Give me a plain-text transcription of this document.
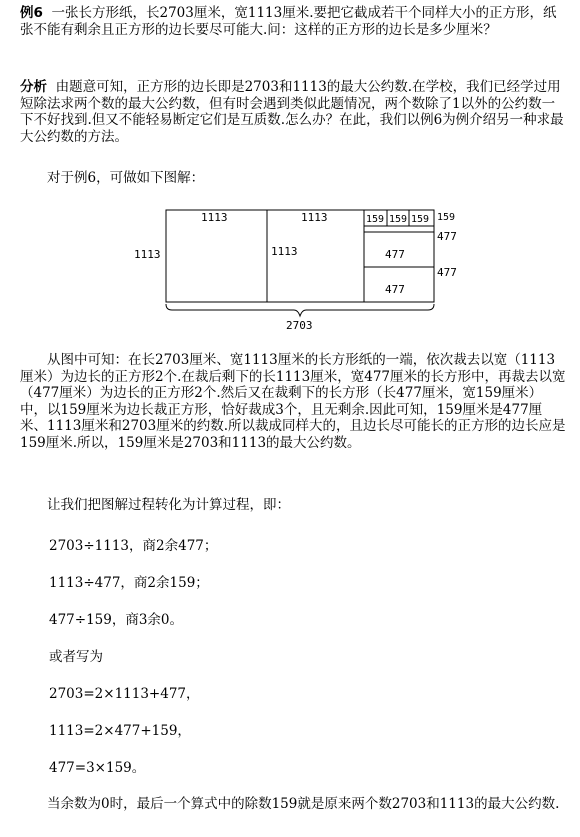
例6 一张长方形纸，长2703厘米，宽1113厘米.要把它截成若干个同样大小的正方形，纸张不能有剩余且正方形的边长要尽可能大.问：这样的正方形的边长是多少厘米？

分析 由题意可知，正方形的边长即是2703和1113的最大公约数.在学校，我们已经学过用短除法求两个数的最大公约数，但有时会遇到类似此题情况，两个数除了1以外的公约数一下不好找到.但又不能轻易断定它们是互质数.怎么办？在此，我们以例6为例介绍另一种求最大公约数的方法。

对于例6，可做如下图解：

1113	1113
1113	1113
159 159 159 159
477
477
477
477
2703

从图中可知：在长2703厘米、宽1113厘米的长方形纸的一端，依次裁去以宽（1113厘米）为边长的正方形2个.在裁后剩下的长1113厘米，宽477厘米的长方形中，再裁去以宽（477厘米）为边长的正方形2个.然后又在裁剩下的长方形（长477厘米，宽159厘米）中，以159厘米为边长裁正方形，恰好裁成3个，且无剩余.因此可知，159厘米是477厘米、1113厘米和2703厘米的约数.所以裁成同样大的，且边长尽可能长的正方形的边长应是159厘米.所以，159厘米是2703和1113的最大公约数。

让我们把图解过程转化为计算过程，即：

2703÷1113，商2余477；

1113÷477，商2余159；

477÷159，商3余0。

或者写为

2703=2×1113+477，

1113=2×477+159，

477=3×159。

当余数为0时，最后一个算式中的除数159就是原来两个数2703和1113的最大公约数.
